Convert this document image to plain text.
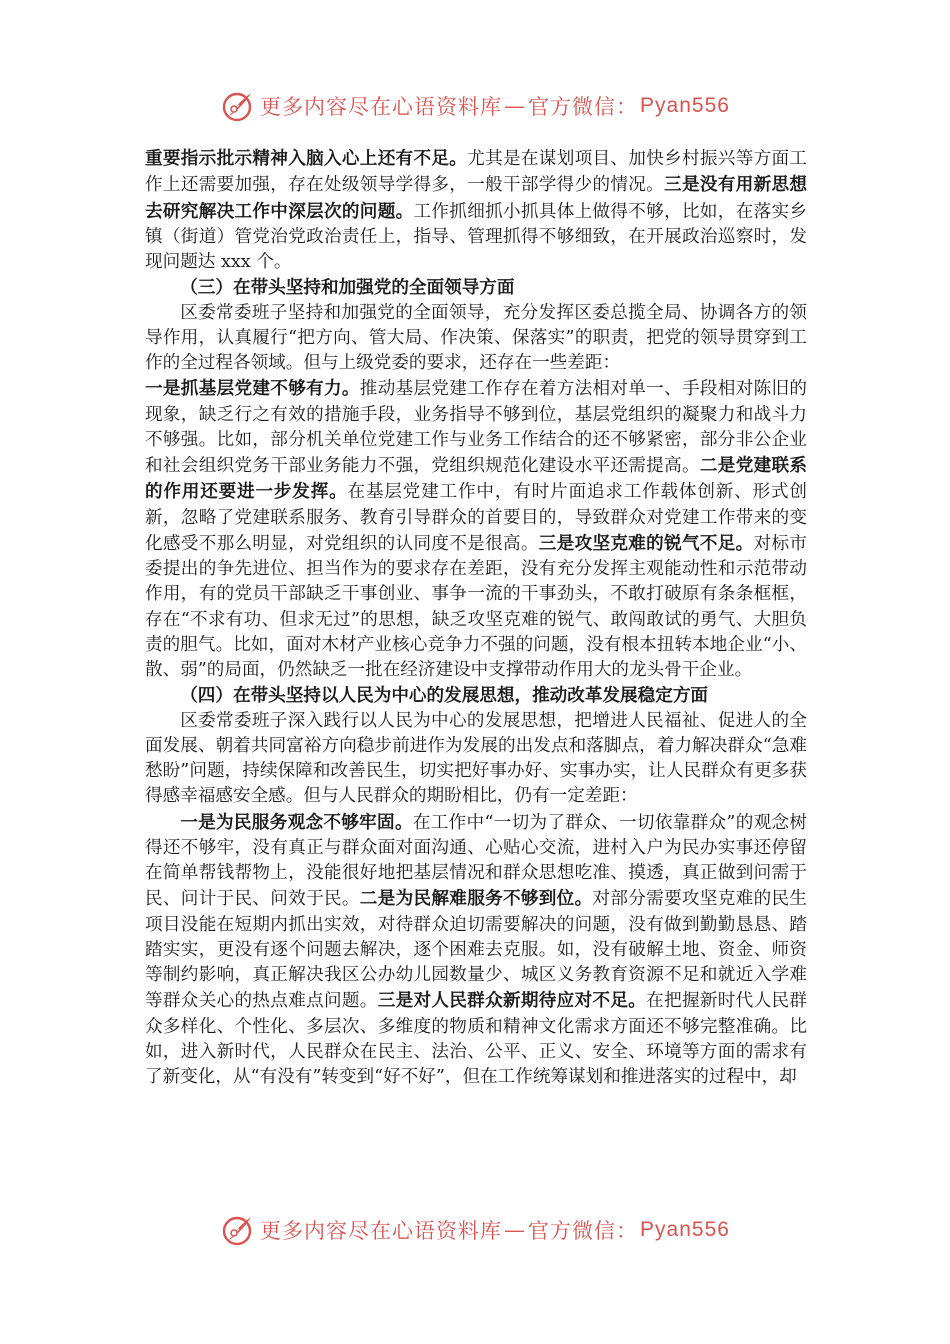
更多内容尽在心语资料库 — 官方微信： Pyan556

重要指示批示精神入脑入心上还有不足。尤其是在谋划项目、加快乡村振兴等方面工作上还需要加强，存在处级领导学得多，一般干部学得少的情况。三是没有用新思想去研究解决工作中深层次的问题。工作抓细抓小抓具体上做得不够，比如，在落实乡镇（街道）管党治党政治责任上，指导、管理抓得不够细致，在开展政治巡察时，发现问题达 xxx 个。

（三）在带头坚持和加强党的全面领导方面

区委常委班子坚持和加强党的全面领导，充分发挥区委总揽全局、协调各方的领导作用，认真履行“把方向、管大局、作决策、保落实”的职责，把党的领导贯穿到工作的全过程各领域。但与上级党委的要求，还存在一些差距：

一是抓基层党建不够有力。推动基层党建工作存在着方法相对单一、手段相对陈旧的现象，缺乏行之有效的措施手段，业务指导不够到位，基层党组织的凝聚力和战斗力不够强。比如，部分机关单位党建工作与业务工作结合的还不够紧密，部分非公企业和社会组织党务干部业务能力不强，党组织规范化建设水平还需提高。二是党建联系的作用还要进一步发挥。在基层党建工作中，有时片面追求工作载体创新、形式创新，忽略了党建联系服务、教育引导群众的首要目的，导致群众对党建工作带来的变化感受不那么明显，对党组织的认同度不是很高。三是攻坚克难的锐气不足。对标市委提出的争先进位、担当作为的要求存在差距，没有充分发挥主观能动性和示范带动作用，有的党员干部缺乏干事创业、事争一流的干事劲头，不敢打破原有条条框框，存在“不求有功、但求无过”的思想，缺乏攻坚克难的锐气、敢闯敢试的勇气、大胆负责的胆气。比如，面对木材产业核心竞争力不强的问题，没有根本扭转本地企业“小、散、弱”的局面，仍然缺乏一批在经济建设中支撑带动作用大的龙头骨干企业。

（四）在带头坚持以人民为中心的发展思想，推动改革发展稳定方面

区委常委班子深入践行以人民为中心的发展思想，把增进人民福祉、促进人的全面发展、朝着共同富裕方向稳步前进作为发展的出发点和落脚点，着力解决群众“急难愁盼”问题，持续保障和改善民生，切实把好事办好、实事办实，让人民群众有更多获得感幸福感安全感。但与人民群众的期盼相比，仍有一定差距：

一是为民服务观念不够牢固。在工作中“一切为了群众、一切依靠群众”的观念树得还不够牢，没有真正与群众面对面沟通、心贴心交流，进村入户为民办实事还停留在简单帮钱帮物上，没能很好地把基层情况和群众思想吃准、摸透，真正做到问需于民、问计于民、问效于民。二是为民解难服务不够到位。对部分需要攻坚克难的民生项目没能在短期内抓出实效，对待群众迫切需要解决的问题，没有做到勤勤恳恳、踏踏实实，更没有逐个问题去解决，逐个困难去克服。如，没有破解土地、资金、师资等制约影响，真正解决我区公办幼儿园数量少、城区义务教育资源不足和就近入学难等群众关心的热点难点问题。三是对人民群众新期待应对不足。在把握新时代人民群众多样化、个性化、多层次、多维度的物质和精神文化需求方面还不够完整准确。比如，进入新时代，人民群众在民主、法治、公平、正义、安全、环境等方面的需求有了新变化，从“有没有”转变到“好不好”，但在工作统筹谋划和推进落实的过程中，却

更多内容尽在心语资料库 — 官方微信： Pyan556
